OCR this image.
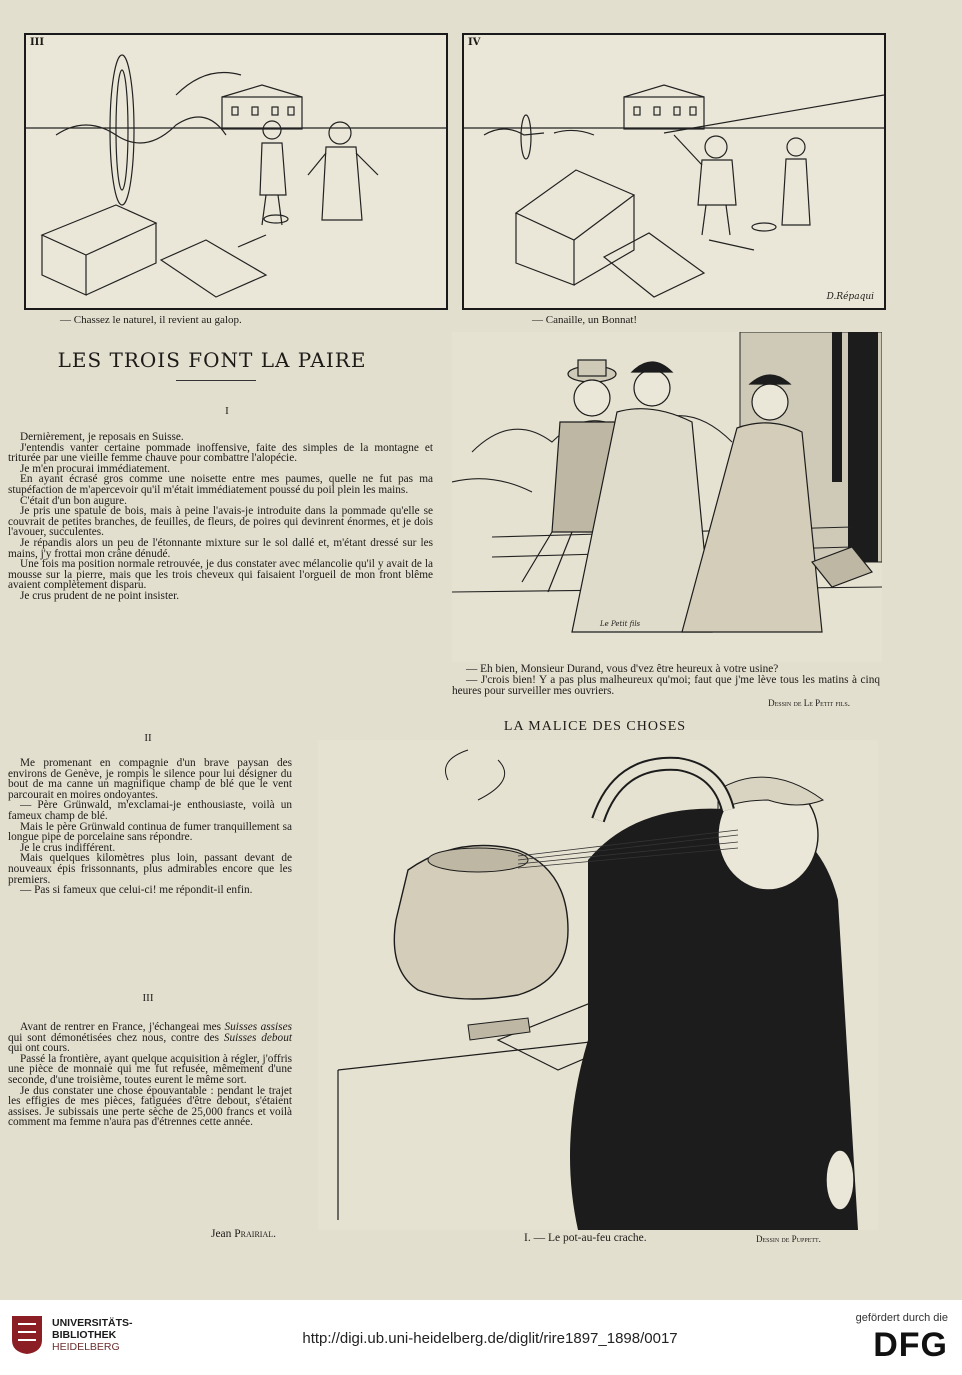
III
— Chassez le naturel, il revient au galop.
IV
D.Répaqui
— Canaille, un Bonnat!
LES TROIS FONT LA PAIRE
I
Dernièrement, je reposais en Suisse.
J'entendis vanter certaine pommade inoffensive, faite des simples de la montagne et triturée par une vieille femme chauve pour combattre l'alopécie.
Je m'en procurai immédiatement.
En ayant écrasé gros comme une noisette entre mes paumes, quelle ne fut pas ma stupéfaction de m'apercevoir qu'il m'était immédiatement poussé du poil plein les mains.
C'était d'un bon augure.
Je pris une spatule de bois, mais à peine l'avais-je introduite dans la pommade qu'elle se couvrait de petites branches, de feuilles, de fleurs, de poires qui devinrent énormes, et je dois l'avouer, succulentes.
Je répandis alors un peu de l'étonnante mixture sur le sol dallé et, m'étant dressé sur les mains, j'y frottai mon crâne dénudé.
Une fois ma position normale retrouvée, je dus constater avec mélancolie qu'il y avait de la mousse sur la pierre, mais que les trois cheveux qui faisaient l'orgueil de mon front blême avaient complètement disparu.
Je crus prudent de ne point insister.
II
Me promenant en compagnie d'un brave paysan des environs de Genève, je rompis le silence pour lui désigner du bout de ma canne un magnifique champ de blé que le vent parcourait en moires ondoyantes.
— Père Grünwald, m'exclamai-je enthousiaste, voilà un fameux champ de blé.
Mais le père Grünwald continua de fumer tranquillement sa longue pipe de porcelaine sans répondre.
Je le crus indifférent.
Mais quelques kilomètres plus loin, passant devant de nouveaux épis frissonnants, plus admirables encore que les premiers.
— Pas si fameux que celui-ci! me répondit-il enfin.
III
Avant de rentrer en France, j'échangeai mes Suisses assises qui sont démonétisées chez nous, contre des Suisses debout qui ont cours.
Passé la frontière, ayant quelque acquisition à régler, j'offris une pièce de monnaie qui me fut refusée, mêmement d'une seconde, d'une troisième, toutes eurent le même sort.
Je dus constater une chose épouvantable : pendant le trajet les effigies de mes pièces, fatiguées d'être debout, s'étaient assises. Je subissais une perte sèche de 25,000 francs et voilà comment ma femme n'aura pas d'étrennes cette année.
Jean Prairial.
Le Petit fils
— Eh bien, Monsieur Durand, vous d'vez être heureux à votre usine?
— J'crois bien! Y a pas plus malheureux qu'moi; faut que j'me lève tous les matins à cinq heures pour surveiller mes ouvriers.
Dessin de Le Petit fils.
LA MALICE DES CHOSES
I. — Le pot-au-feu crache.	Dessin de Puppett.
UNIVERSITÄTS-
BIBLIOTHEK
HEIDELBERG	http://digi.ub.uni-heidelberg.de/diglit/rire1897_1898/0017
gefördert durch die
DFG
